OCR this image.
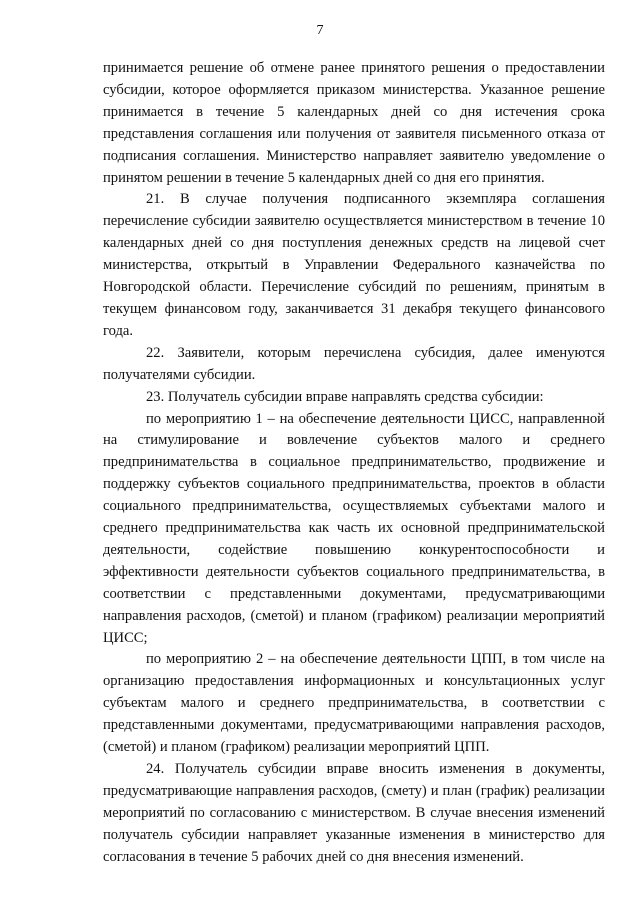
7

принимается решение об отмене ранее принятого решения о предоставлении субсидии, которое оформляется приказом министерства. Указанное решение принимается в течение 5 календарных дней со дня истечения срока представления соглашения или получения от заявителя письменного отказа от подписания соглашения. Министерство направляет заявителю уведомление о принятом решении в течение 5 календарных дней со дня его принятия.

21. В случае получения подписанного экземпляра соглашения перечисление субсидии заявителю осуществляется министерством в течение 10 календарных дней со дня поступления денежных средств на лицевой счет министерства, открытый в Управлении Федерального казначейства по Новгородской области. Перечисление субсидий по решениям, принятым в текущем финансовом году, заканчивается 31 декабря текущего финансового года.

22. Заявители, которым перечислена субсидия, далее именуются получателями субсидии.

23. Получатель субсидии вправе направлять средства субсидии:

по мероприятию 1 – на обеспечение деятельности ЦИСС, направленной на стимулирование и вовлечение субъектов малого и среднего предпринимательства в социальное предпринимательство, продвижение и поддержку субъектов социального предпринимательства, проектов в области социального предпринимательства, осуществляемых субъектами малого и среднего предпринимательства как часть их основной предпринимательской деятельности, содействие повышению конкурентоспособности и эффективности деятельности субъектов социального предпринимательства, в соответствии с представленными документами, предусматривающими направления расходов, (сметой) и планом (графиком) реализации мероприятий ЦИСС;

по мероприятию 2 – на обеспечение деятельности ЦПП, в том числе на организацию предоставления информационных и консультационных услуг субъектам малого и среднего предпринимательства, в соответствии с представленными документами, предусматривающими направления расходов, (сметой) и планом (графиком) реализации мероприятий ЦПП.

24. Получатель субсидии вправе вносить изменения в документы, предусматривающие направления расходов, (смету) и план (график) реализации мероприятий по согласованию с министерством. В случае внесения изменений получатель субсидии направляет указанные изменения в министерство для согласования в течение 5 рабочих дней со дня внесения изменений.
